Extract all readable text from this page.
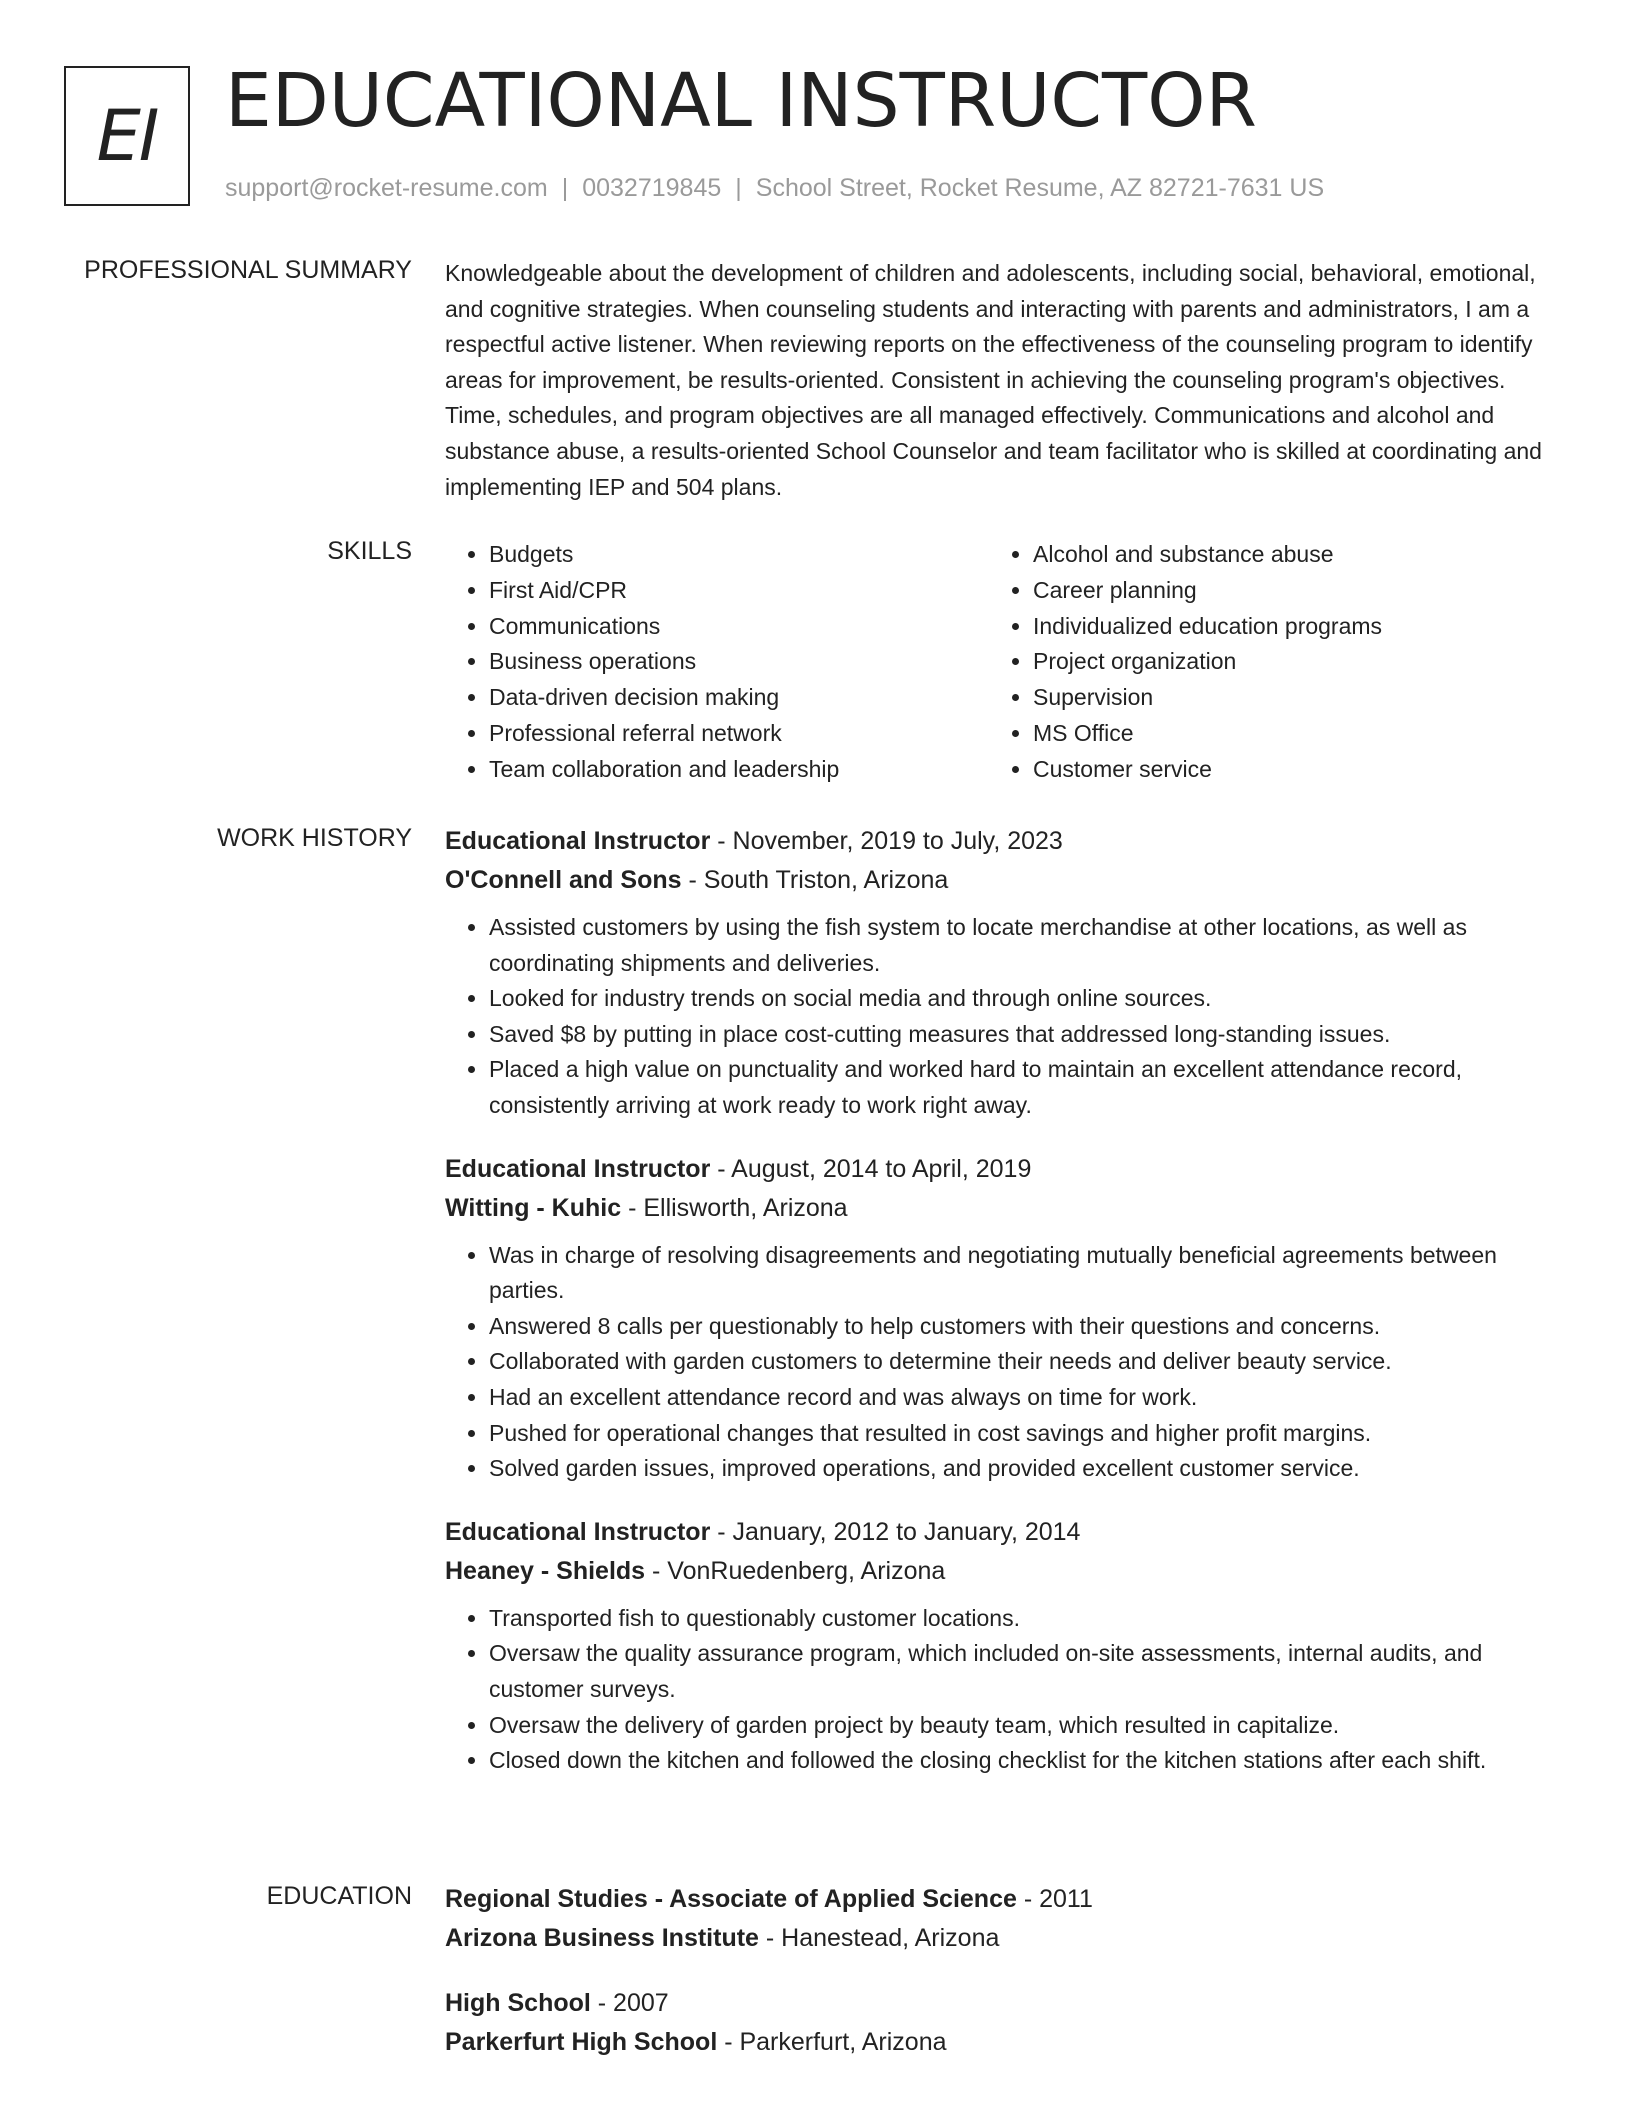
EI EDUCATIONAL INSTRUCTOR
support@rocket-resume.com | 0032719845 | School Street, Rocket Resume, AZ 82721-7631 US
PROFESSIONAL SUMMARY Knowledgeable about the development of children and adolescents, including social, behavioral, emotional, and cognitive strategies. When counseling students and interacting with parents and administrators, I am a respectful active listener. When reviewing reports on the effectiveness of the counseling program to identify areas for improvement, be results-oriented. Consistent in achieving the counseling program's objectives. Time, schedules, and program objectives are all managed effectively. Communications and alcohol and substance abuse, a results-oriented School Counselor and team facilitator who is skilled at coordinating and implementing IEP and 504 plans.

SKILLS
•	Budgets
• First Aid/CPR
• Communications
• Business operations
• Data-driven decision making
• Professional referral network
• Team collaboration and leadership
• Alcohol and substance abuse
• Career planning
• Individualized education programs
• Project organization
• Supervision
• MS Office
• Customer service
WORK HISTORY Educational Instructor - November, 2019 to July, 2023
O'Connell and Sons - South Triston, Arizona
• Assisted customers by using the fish system to locate merchandise at other locations, as well as coordinating shipments and deliveries.
• Looked for industry trends on social media and through online sources.
• Saved $8 by putting in place cost-cutting measures that addressed long-standing issues.
• Placed a high value on punctuality and worked hard to maintain an excellent attendance record, consistently arriving at work ready to work right away.
Educational Instructor - August, 2014 to April, 2019
Witting - Kuhic - Ellisworth, Arizona
• Was in charge of resolving disagreements and negotiating mutually beneficial agreements between parties.
• Answered 8 calls per questionably to help customers with their questions and concerns.
• Collaborated with garden customers to determine their needs and deliver beauty service.
• Had an excellent attendance record and was always on time for work.
• Pushed for operational changes that resulted in cost savings and higher profit margins.
• Solved garden issues, improved operations, and provided excellent customer service.
Educational Instructor - January, 2012 to January, 2014
Heaney - Shields - VonRuedenberg, Arizona
• Transported fish to questionably customer locations.
• Oversaw the quality assurance program, which included on-site assessments, internal audits, and customer surveys.
• Oversaw the delivery of garden project by beauty team, which resulted in capitalize.
• Closed down the kitchen and followed the closing checklist for the kitchen stations after each shift.
EDUCATION Regional Studies - Associate of Applied Science - 2011
Arizona Business Institute - Hanestead, Arizona
High School - 2007
Parkerfurt High School - Parkerfurt, Arizona
